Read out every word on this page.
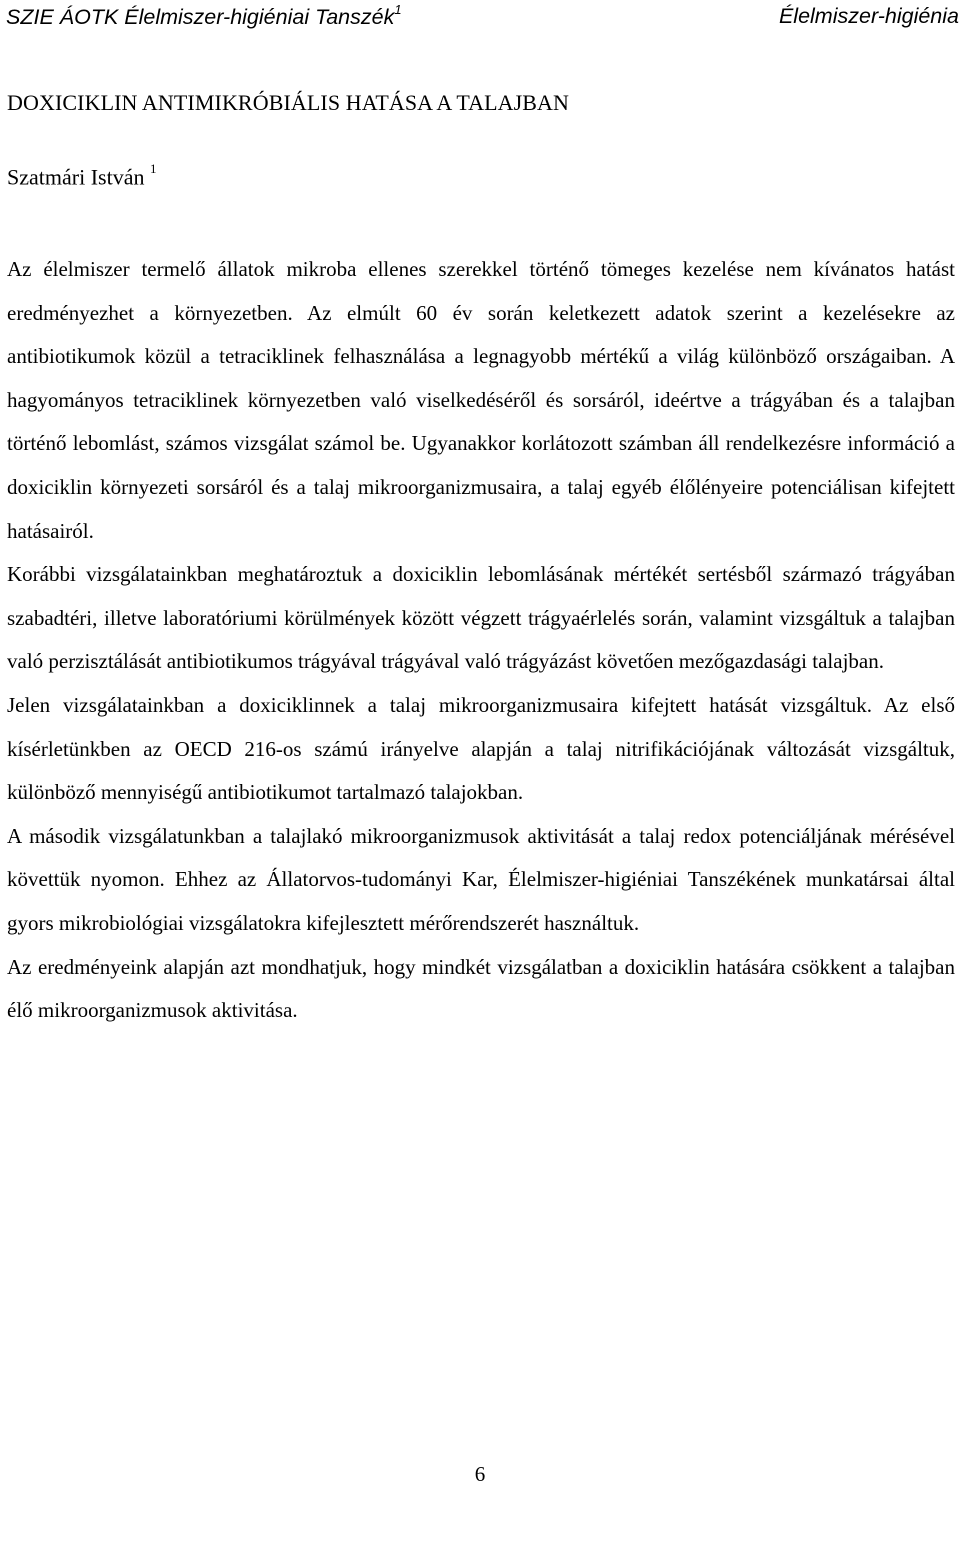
SZIE ÁOTK Élelmiszer-higiéniai Tanszék$^1$	Élelmiszer-higiénia
DOXICIKLIN ANTIMIKRÓBIÁLIS HATÁSA A TALAJBAN
Szatmári István $^1$

Az élelmiszer termelő állatok mikroba ellenes szerekkel történő tömeges kezelése nem kívánatos hatást eredményezhet a környezetben. Az elmúlt 60 év során keletkezett adatok szerint a kezelésekre az antibiotikumok közül a tetraciklinek felhasználása a legnagyobb mértékű a világ különböző országaiban. A hagyományos tetraciklinek környezetben való viselkedéséről és sorsáról, ideértve a trágyában és a talajban történő lebomlást, számos vizsgálat számol be. Ugyanakkor korlátozott számban áll rendelkezésre információ a doxiciklin környezeti sorsáról és a talaj mikroorganizmusaira, a talaj egyéb élőlényeire potenciálisan kifejtett hatásairól.

Korábbi vizsgálatainkban meghatároztuk a doxiciklin lebomlásának mértékét sertésből származó trágyában szabadtéri, illetve laboratóriumi körülmények között végzett trágyaérlelés során, valamint vizsgáltuk a talajban való perzisztálását antibiotikumos trágyával trágyával való trágyázást követően mezőgazdasági talajban.

Jelen vizsgálatainkban a doxiciklinnek a talaj mikroorganizmusaira kifejtett hatását vizsgáltuk. Az első kísérletünkben az OECD 216-os számú irányelve alapján a talaj nitrifikációjának változását vizsgáltuk, különböző mennyiségű antibiotikumot tartalmazó talajokban.

A második vizsgálatunkban a talajlakó mikroorganizmusok aktivitását a talaj redox potenciáljának mérésével követtük nyomon. Ehhez az Állatorvos-tudományi Kar, Élelmiszer-higiéniai Tanszékének munkatársai által gyors mikrobiológiai vizsgálatokra kifejlesztett mérőrendszerét használtuk.

Az eredményeink alapján azt mondhatjuk, hogy mindkét vizsgálatban a doxiciklin hatására csökkent a talajban élő mikroorganizmusok aktivitása.

6
